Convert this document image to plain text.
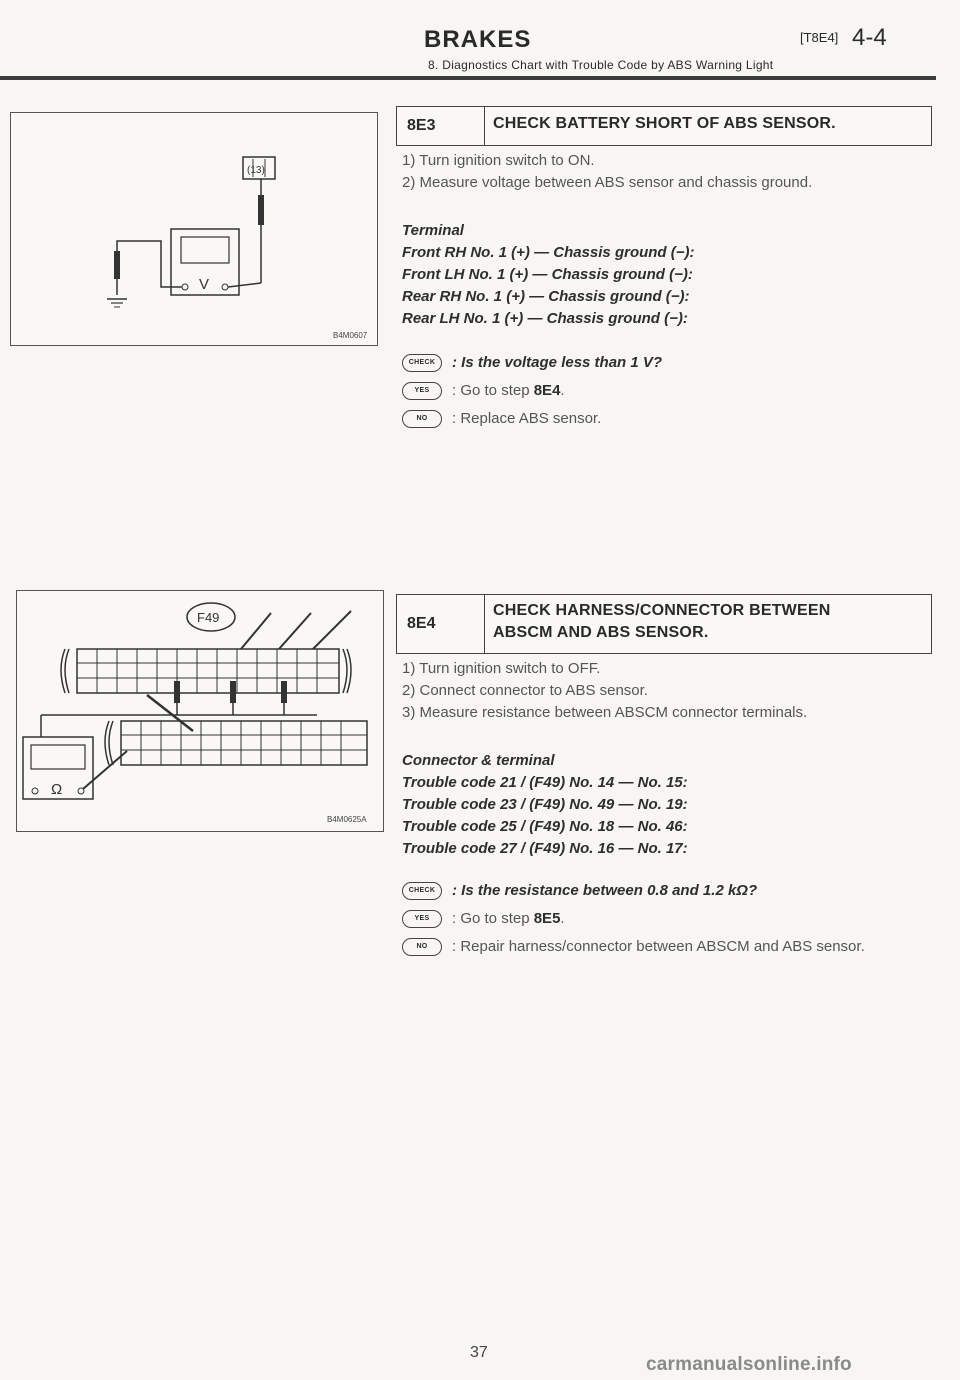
BRAKES	[T8E4] 4-4
8. Diagnostics Chart with Trouble Code by ABS Warning Light
(13)
V
B4M0607
8E3	CHECK BATTERY SHORT OF ABS SENSOR.

1) Turn ignition switch to ON.

2) Measure voltage between ABS sensor and chassis ground.

Terminal
Front RH No. 1 (+) — Chassis ground (−):
Front LH No. 1 (+) — Chassis ground (−):
Rear RH No. 1 (+) — Chassis ground (−):
Rear LH No. 1 (+) — Chassis ground (−):
CHECK	: Is the voltage less than 1 V?
YES	: Go to step 8E4.
NO	: Replace ABS sensor.
F49
Ω
B4M0625A
8E4
CHECK HARNESS/CONNECTOR BETWEEN
ABSCM AND ABS SENSOR.

1) Turn ignition switch to OFF.

2) Connect connector to ABS sensor.

3) Measure resistance between ABSCM connector terminals.

Connector & terminal
Trouble code 21 / (F49) No. 14 — No. 15:
Trouble code 23 / (F49) No. 49 — No. 19:
Trouble code 25 / (F49) No. 18 — No. 46:
Trouble code 27 / (F49) No. 16 — No. 17:
CHECK	: Is the resistance between 0.8 and 1.2 kΩ?
YES	: Go to step 8E5.
NO	: Repair harness/connector between ABSCM and ABS sensor.
37
carmanualsonline.info
